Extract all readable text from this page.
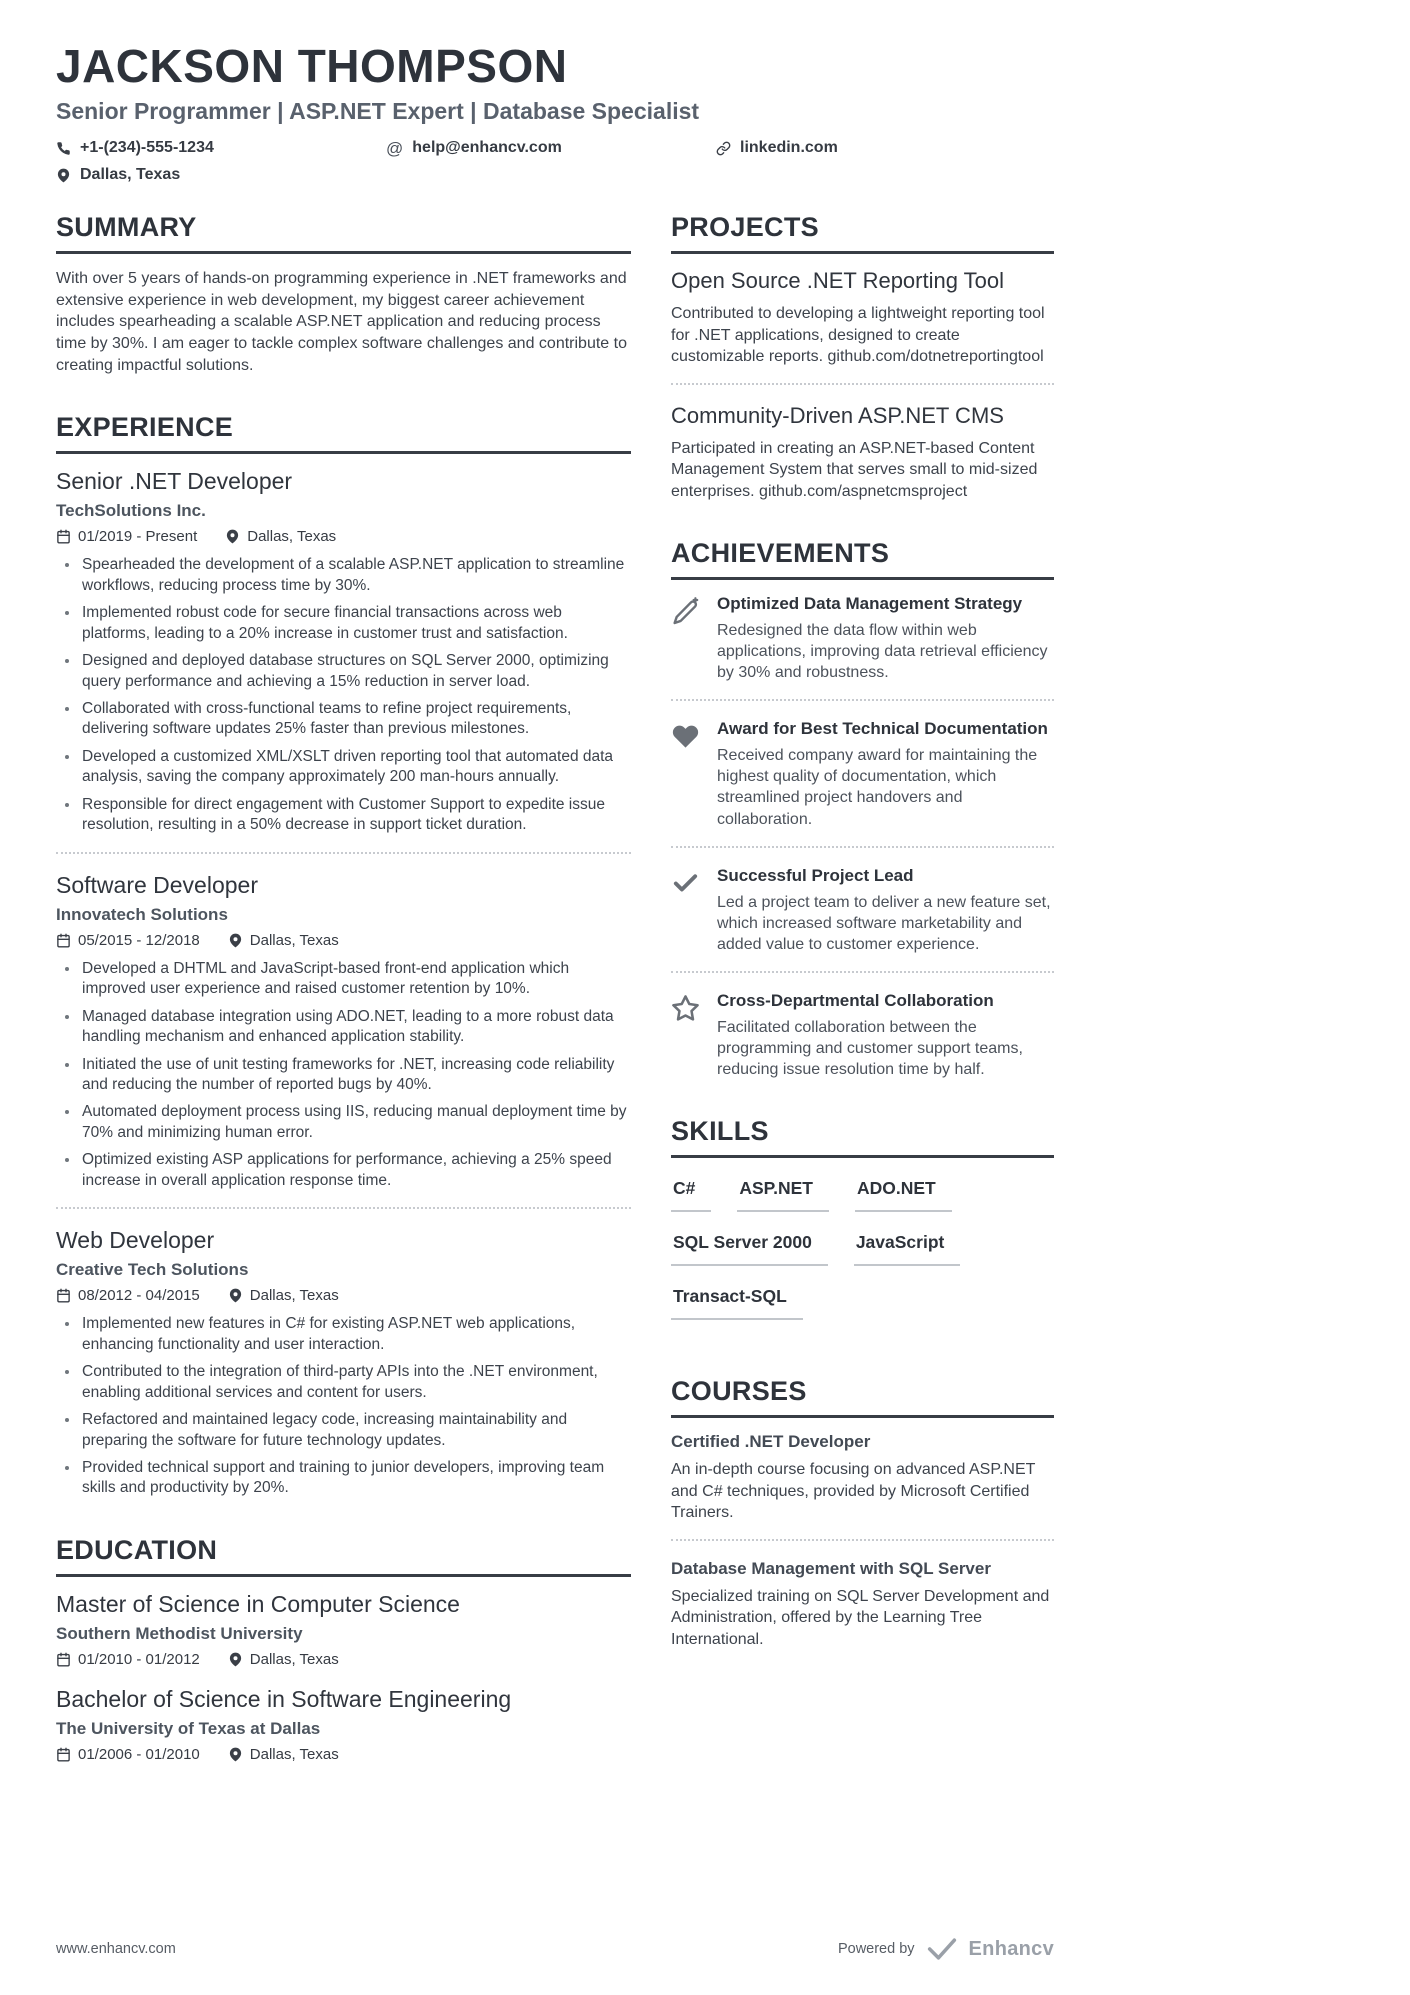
JACKSON THOMPSON
Senior Programmer | ASP.NET Expert | Database Specialist
+1-(234)-555-1234	@ help@enhancv.com	linkedin.com
Dallas, Texas
SUMMARY

With over 5 years of hands-on programming experience in .NET frameworks and extensive experience in web development, my biggest career achievement includes spearheading a scalable ASP.NET application and reducing process time by 30%. I am eager to tackle complex software challenges and contribute to creating impactful solutions.

EXPERIENCE
Senior .NET Developer
TechSolutions Inc.
01/2019 - Present	Dallas, Texas
Spearheaded the development of a scalable ASP.NET application to streamline workflows, reducing process time by 30%.
Implemented robust code for secure financial transactions across web platforms, leading to a 20% increase in customer trust and satisfaction.
Designed and deployed database structures on SQL Server 2000, optimizing query performance and achieving a 15% reduction in server load.
Collaborated with cross-functional teams to refine project requirements, delivering software updates 25% faster than previous milestones.
Developed a customized XML/XSLT driven reporting tool that automated data analysis, saving the company approximately 200 man-hours annually.
Responsible for direct engagement with Customer Support to expedite issue resolution, resulting in a 50% decrease in support ticket duration.
Software Developer
Innovatech Solutions
05/2015 - 12/2018	Dallas, Texas
Developed a DHTML and JavaScript-based front-end application which improved user experience and raised customer retention by 10%.
Managed database integration using ADO.NET, leading to a more robust data handling mechanism and enhanced application stability.
Initiated the use of unit testing frameworks for .NET, increasing code reliability and reducing the number of reported bugs by 40%.
Automated deployment process using IIS, reducing manual deployment time by 70% and minimizing human error.
Optimized existing ASP applications for performance, achieving a 25% speed increase in overall application response time.
Web Developer
Creative Tech Solutions
08/2012 - 04/2015	Dallas, Texas
Implemented new features in C# for existing ASP.NET web applications, enhancing functionality and user interaction.
Contributed to the integration of third-party APIs into the .NET environment, enabling additional services and content for users.
Refactored and maintained legacy code, increasing maintainability and preparing the software for future technology updates.
Provided technical support and training to junior developers, improving team skills and productivity by 20%.
EDUCATION
Master of Science in Computer Science
Southern Methodist University
01/2010 - 01/2012	Dallas, Texas
Bachelor of Science in Software Engineering
The University of Texas at Dallas
01/2006 - 01/2010	Dallas, Texas
PROJECTS
Open Source .NET Reporting Tool

Contributed to developing a lightweight reporting tool for .NET applications, designed to create customizable reports. github.com/dotnetreportingtool

Community-Driven ASP.NET CMS

Participated in creating an ASP.NET-based Content Management System that serves small to mid-sized enterprises. github.com/aspnetcmsproject

ACHIEVEMENTS
Optimized Data Management Strategy

Redesigned the data flow within web applications, improving data retrieval efficiency by 30% and robustness.

Award for Best Technical Documentation

Received company award for maintaining the highest quality of documentation, which streamlined project handovers and collaboration.

Successful Project Lead

Led a project team to deliver a new feature set, which increased software marketability and added value to customer experience.

Cross-Departmental Collaboration

Facilitated collaboration between the programming and customer support teams, reducing issue resolution time by half.

SKILLS
C#	ASP.NET	ADO.NET
SQL Server 2000	JavaScript
Transact-SQL
COURSES
Certified .NET Developer

An in-depth course focusing on advanced ASP.NET and C# techniques, provided by Microsoft Certified Trainers.

Database Management with SQL Server

Specialized training on SQL Server Development and Administration, offered by the Learning Tree International.

www.enhancv.com	Powered by	Enhancv
